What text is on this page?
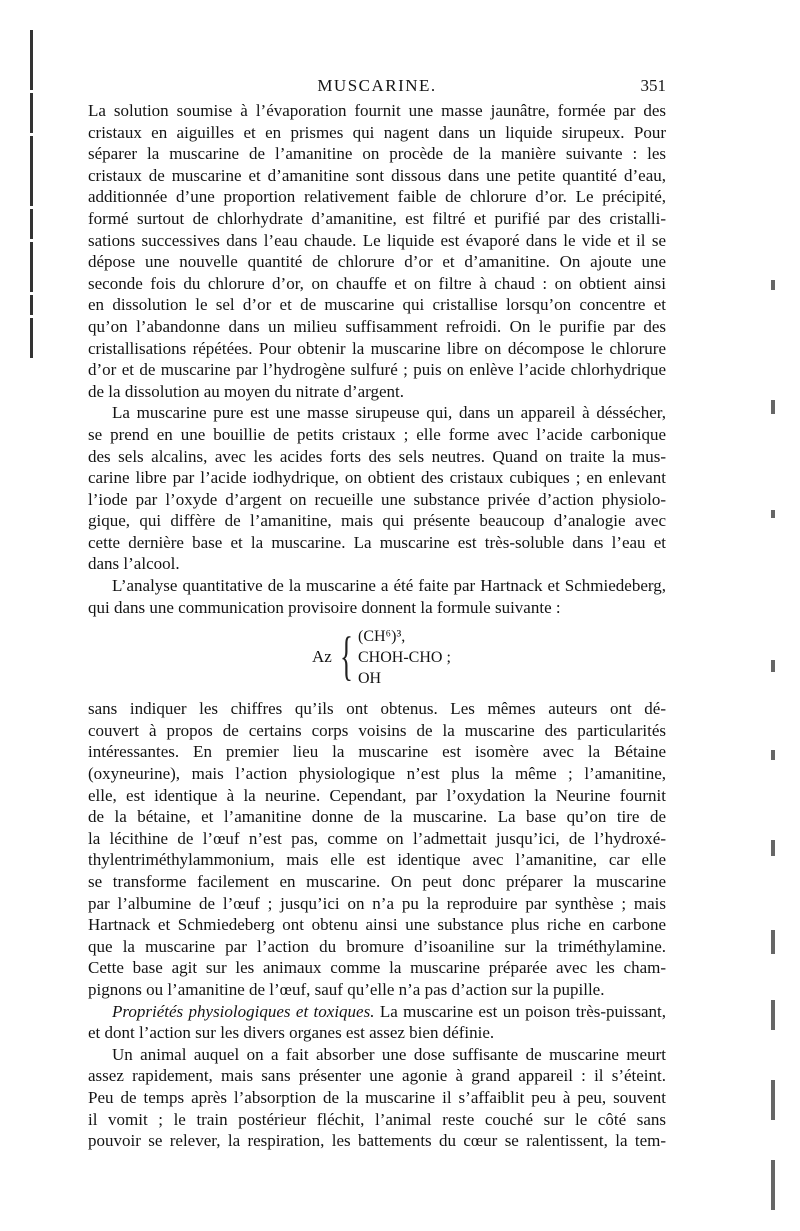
MUSCARINE.	351
La solution soumise à l’évaporation fournit une masse jaunâtre, formée par des
cristaux en aiguilles et en prismes qui nagent dans un liquide sirupeux. Pour
séparer la muscarine de l’amanitine on procède de la manière suivante : les
cristaux de muscarine et d’amanitine sont dissous dans une petite quantité d’eau,
additionnée d’une proportion relativement faible de chlorure d’or. Le précipité,
formé surtout de chlorhydrate d’amanitine, est filtré et purifié par des cristalli-
sations successives dans l’eau chaude. Le liquide est évaporé dans le vide et il se
dépose une nouvelle quantité de chlorure d’or et d’amanitine. On ajoute une
seconde fois du chlorure d’or, on chauffe et on filtre à chaud : on obtient ainsi
en dissolution le sel d’or et de muscarine qui cristallise lorsqu’on concentre et
qu’on l’abandonne dans un milieu suffisamment refroidi. On le purifie par des
cristallisations répétées. Pour obtenir la muscarine libre on décompose le chlorure
d’or et de muscarine par l’hydrogène sulfuré ; puis on enlève l’acide chlorhydrique
de la dissolution au moyen du nitrate d’argent.
La muscarine pure est une masse sirupeuse qui, dans un appareil à déssécher,
se prend en une bouillie de petits cristaux ; elle forme avec l’acide carbonique
des sels alcalins, avec les acides forts des sels neutres. Quand on traite la mus-
carine libre par l’acide iodhydrique, on obtient des cristaux cubiques ; en enlevant
l’iode par l’oxyde d’argent on recueille une substance privée d’action physiolo-
gique, qui diffère de l’amanitine, mais qui présente beaucoup d’analogie avec
cette dernière base et la muscarine. La muscarine est très-soluble dans l’eau et
dans l’alcool.
L’analyse quantitative de la muscarine a été faite par Hartnack et Schmiedeberg,
qui dans une communication provisoire donnent la formule suivante :
Az { (CH⁶)³,
CHOH-CHO ;
OH
sans indiquer les chiffres qu’ils ont obtenus. Les mêmes auteurs ont dé-
couvert à propos de certains corps voisins de la muscarine des particularités
intéressantes. En premier lieu la muscarine est isomère avec la Bétaine
(oxyneurine), mais l’action physiologique n’est plus la même ; l’amanitine,
elle, est identique à la neurine. Cependant, par l’oxydation la Neurine fournit
de la bétaine, et l’amanitine donne de la muscarine. La base qu’on tire de
la lécithine de l’œuf n’est pas, comme on l’admettait jusqu’ici, de l’hydroxé-
thylentriméthylammonium, mais elle est identique avec l’amanitine, car elle
se transforme facilement en muscarine. On peut donc préparer la muscarine
par l’albumine de l’œuf ; jusqu’ici on n’a pu la reproduire par synthèse ; mais
Hartnack et Schmiedeberg ont obtenu ainsi une substance plus riche en carbone
que la muscarine par l’action du bromure d’isoaniline sur la triméthylamine.
Cette base agit sur les animaux comme la muscarine préparée avec les cham-
pignons ou l’amanitine de l’œuf, sauf qu’elle n’a pas d’action sur la pupille.
Propriétés physiologiques et toxiques. La muscarine est un poison très-puissant,
et dont l’action sur les divers organes est assez bien définie.
Un animal auquel on a fait absorber une dose suffisante de muscarine meurt
assez rapidement, mais sans présenter une agonie à grand appareil : il s’éteint.
Peu de temps après l’absorption de la muscarine il s’affaiblit peu à peu, souvent
il vomit ; le train postérieur fléchit, l’animal reste couché sur le côté sans
pouvoir se relever, la respiration, les battements du cœur se ralentissent, la tem-
